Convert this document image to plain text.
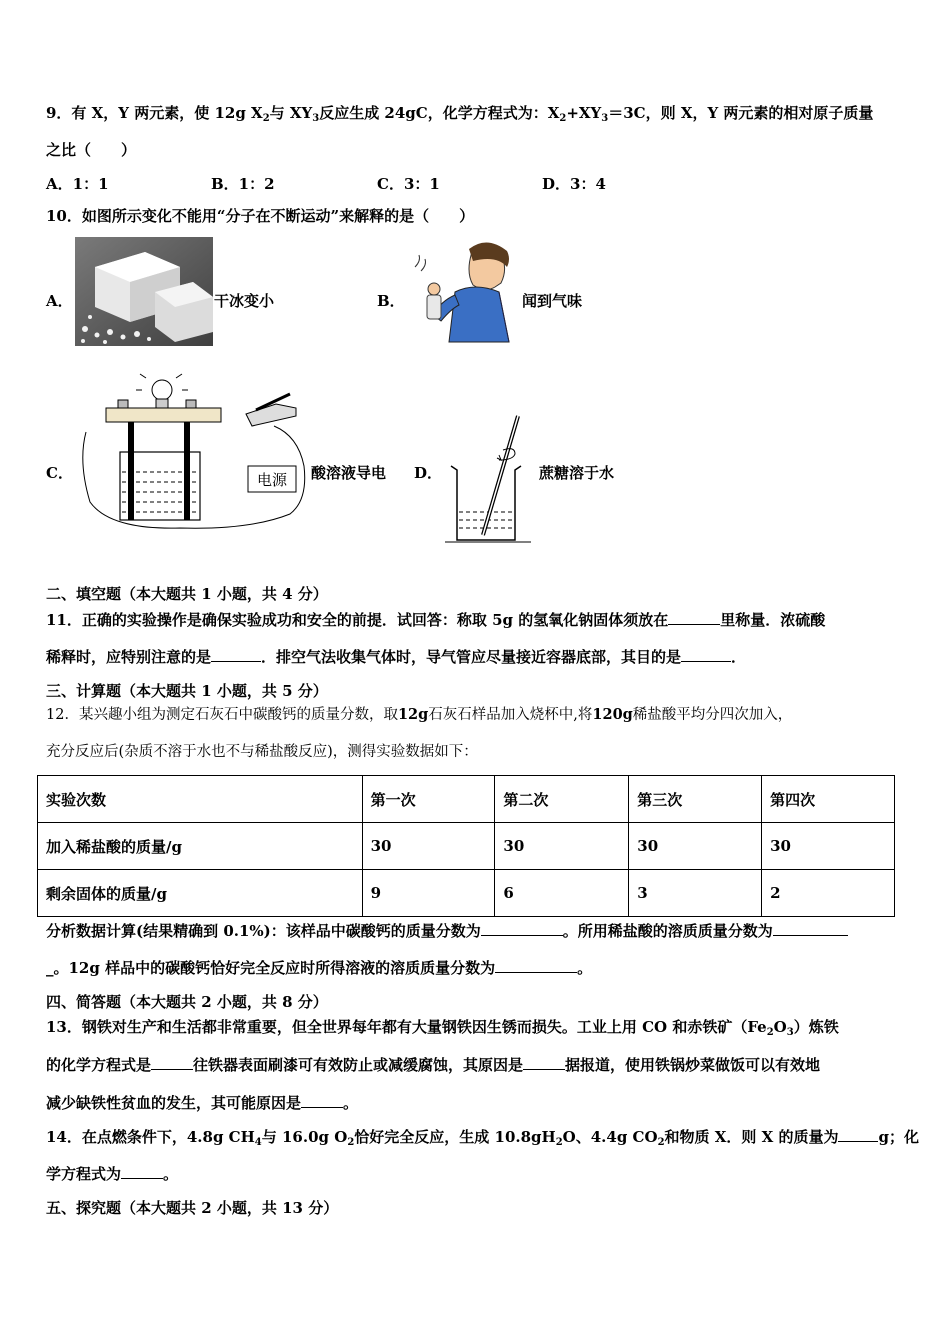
9．有 X，Y 两元素，使 12g $X_2$与 $XY_3$反应生成 24gC，化学方程式为：$X_2+XY_3=3C$，则 X，Y 两元素的相对原子质量
之比（　　）
A．1：1	B．1：2	C．3：1	D．3：4
10．如图所示变化不能用“分子在不断运动”来解释的是（　　）
A．	干冰变小	B．	闻到气味
C．	电源 酸溶液导电 D．	蔗糖溶于水
二、填空题（本大题共 1 小题，共 4 分）
11．正确的实验操作是确保实验成功和安全的前提．试回答：称取 5g 的氢氧化钠固体须放在	里称量．浓硫酸
稀释时，应特别注意的是	．排空气法收集气体时，导气管应尽量接近容器底部，其目的是	．
三、计算题（本大题共 1 小题，共 5 分）
12．某兴趣小组为测定石灰石中碳酸钙的质量分数，取12g石灰石样品加入烧杯中,将120g稀盐酸平均分四次加入，
充分反应后(杂质不溶于水也不与稀盐酸反应)，测得实验数据如下：
实验次数	第一次	第二次	第三次	第四次
加入稀盐酸的质量/g	30	30	30	30
剩余固体的质量/g	9	6	3	2
分析数据计算(结果精确到 0.1%)：该样品中碳酸钙的质量分数为	。所用稀盐酸的溶质质量分数为
_。12g 样品中的碳酸钙恰好完全反应时所得溶液的溶质质量分数为	。
四、简答题（本大题共 2 小题，共 8 分）
13．钢铁对生产和生活都非常重要，但全世界每年都有大量钢铁因生锈而损失。工业上用 CO 和赤铁矿$(Fe_2O_3)$炼铁
的化学方程式是	往铁器表面刷漆可有效防止或减缓腐蚀，其原因是	据报道，使用铁锅炒菜做饭可以有效地
减少缺铁性贫血的发生，其可能原因是	。
14．在点燃条件下，4.8g $CH_4$与 16.0g $O_2$恰好完全反应，生成 $10.8gH_2O$、4.4g $CO_2$和物质 X．则 X 的质量为	g；化
学方程式为	。
五、探究题（本大题共 2 小题，共 13 分）
